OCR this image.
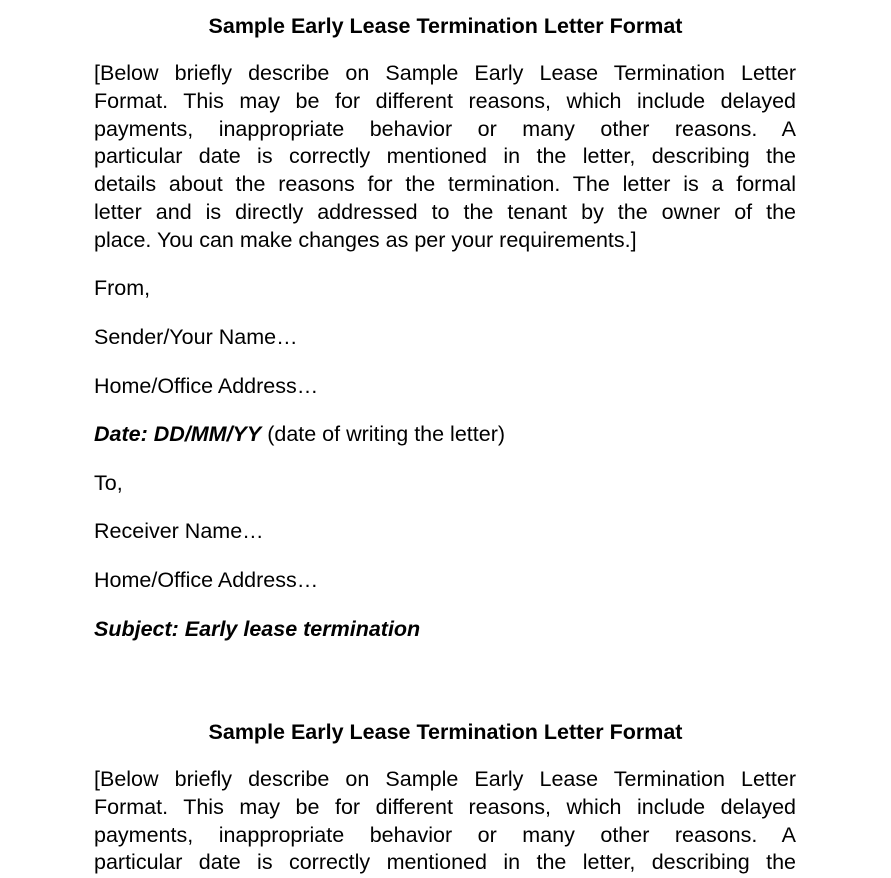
Sample Early Lease Termination Letter Format
[Below briefly describe on Sample Early Lease Termination Letter
Format. This may be for different reasons, which include delayed
payments, inappropriate behavior or many other reasons. A
particular date is correctly mentioned in the letter, describing the
details about the reasons for the termination. The letter is a formal
letter and is directly addressed to the tenant by the owner of the
place. You can make changes as per your requirements.]
From,
Sender/Your Name…
Home/Office Address…
Date: DD/MM/YY (date of writing the letter)
To,
Receiver Name…
Home/Office Address…
Subject: Early lease termination
Sample Early Lease Termination Letter Format
[Below briefly describe on Sample Early Lease Termination Letter
Format. This may be for different reasons, which include delayed
payments, inappropriate behavior or many other reasons. A
particular date is correctly mentioned in the letter, describing the
